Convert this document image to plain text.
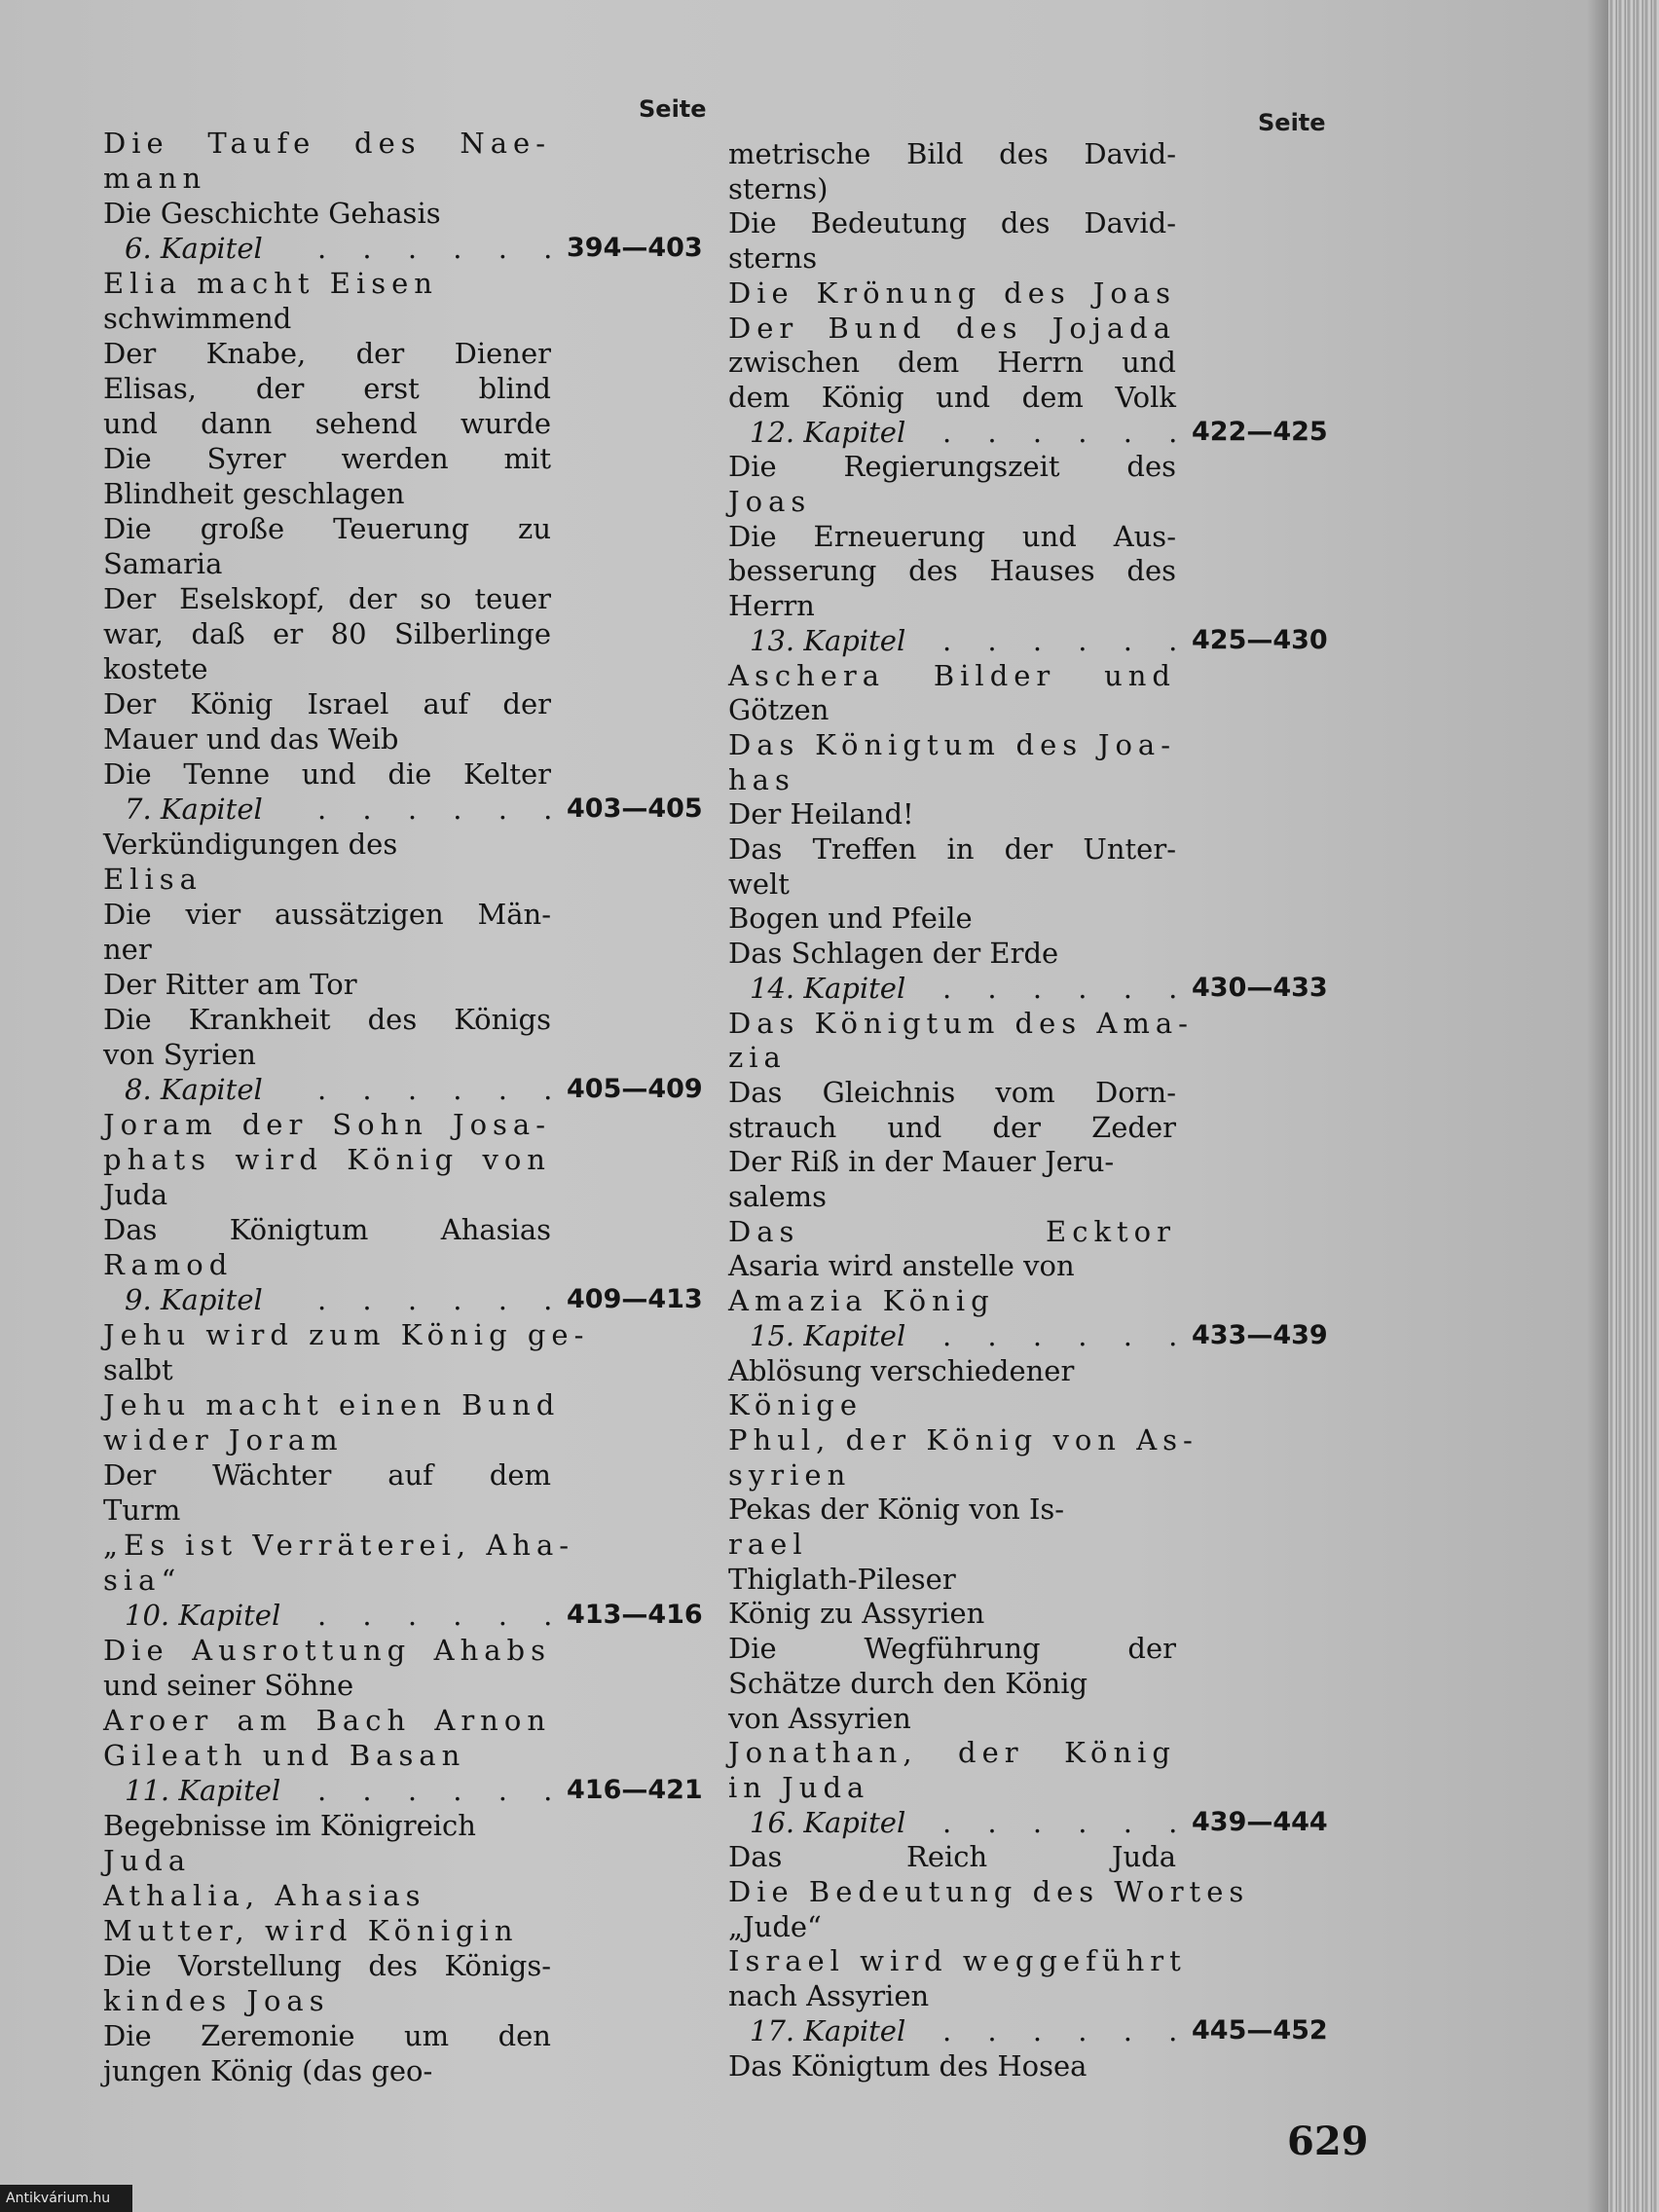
Seite	Seite
Die Taufe des Nae-
mann
Die Geschichte Gehasis
6. Kapitel . . . . . . 394—403
Elia macht Eisen
schwimmend
Der Knabe, der Diener
Elisas, der erst blind
und dann sehend wurde
Die Syrer werden mit
Blindheit geschlagen
Die große Teuerung zu
Samaria
Der Eselskopf, der so teuer
war, daß er 80 Silberlinge
kostete
Der König Israel auf der
Mauer und das Weib
Die Tenne und die Kelter
7. Kapitel . . . . . . 403—405
Verkündigungen des
Elisa
Die vier aussätzigen Män-
ner
Der Ritter am Tor
Die Krankheit des Königs
von Syrien
8. Kapitel . . . . . . 405—409
Joram der Sohn Josa-
phats wird König von
Juda
Das Königtum Ahasias
Ramod
9. Kapitel . . . . . . 409—413
Jehu wird zum König ge-
salbt
Jehu macht einen Bund
wider Joram
Der Wächter auf dem
Turm
„Es ist Verräterei, Aha-
sia“
10. Kapitel . . . . . . 413—416
Die Ausrottung Ahabs
und seiner Söhne
Aroer am Bach Arnon
Gileath und Basan
11. Kapitel . . . . . . 416—421
Begebnisse im Königreich
Juda
Athalia, Ahasias
Mutter, wird Königin
Die Vorstellung des Königs-
kindes Joas
Die Zeremonie um den
jungen König (das geo-
metrische Bild des David-
sterns)
Die Bedeutung des David-
sterns
Die Krönung des Joas
Der Bund des Jojada
zwischen dem Herrn und
dem König und dem Volk
12. Kapitel . . . . . . 422—425
Die Regierungszeit des
Joas
Die Erneuerung und Aus-
besserung des Hauses des
Herrn
13. Kapitel . . . . . . 425—430
Aschera Bilder und
Götzen
Das Königtum des Joa-
has
Der Heiland!
Das Treffen in der Unter-
welt
Bogen und Pfeile
Das Schlagen der Erde
14. Kapitel . . . . . . 430—433
Das Königtum des Ama-
zia
Das Gleichnis vom Dorn-
strauch und der Zeder
Der Riß in der Mauer Jeru-
salems
Das Ecktor
Asaria wird anstelle von
Amazia König
15. Kapitel . . . . . . 433—439
Ablösung verschiedener
Könige
Phul, der König von As-
syrien
Pekas der König von Is-
rael
Thiglath-Pileser
König zu Assyrien
Die Wegführung der
Schätze durch den König
von Assyrien
Jonathan, der König
in Juda
16. Kapitel . . . . . . 439—444
Das Reich Juda
Die Bedeutung des Wortes
„Jude“
Israel wird weggeführt
nach Assyrien
17. Kapitel . . . . . . 445—452
Das Königtum des Hosea
629
Antikvárium.hu
